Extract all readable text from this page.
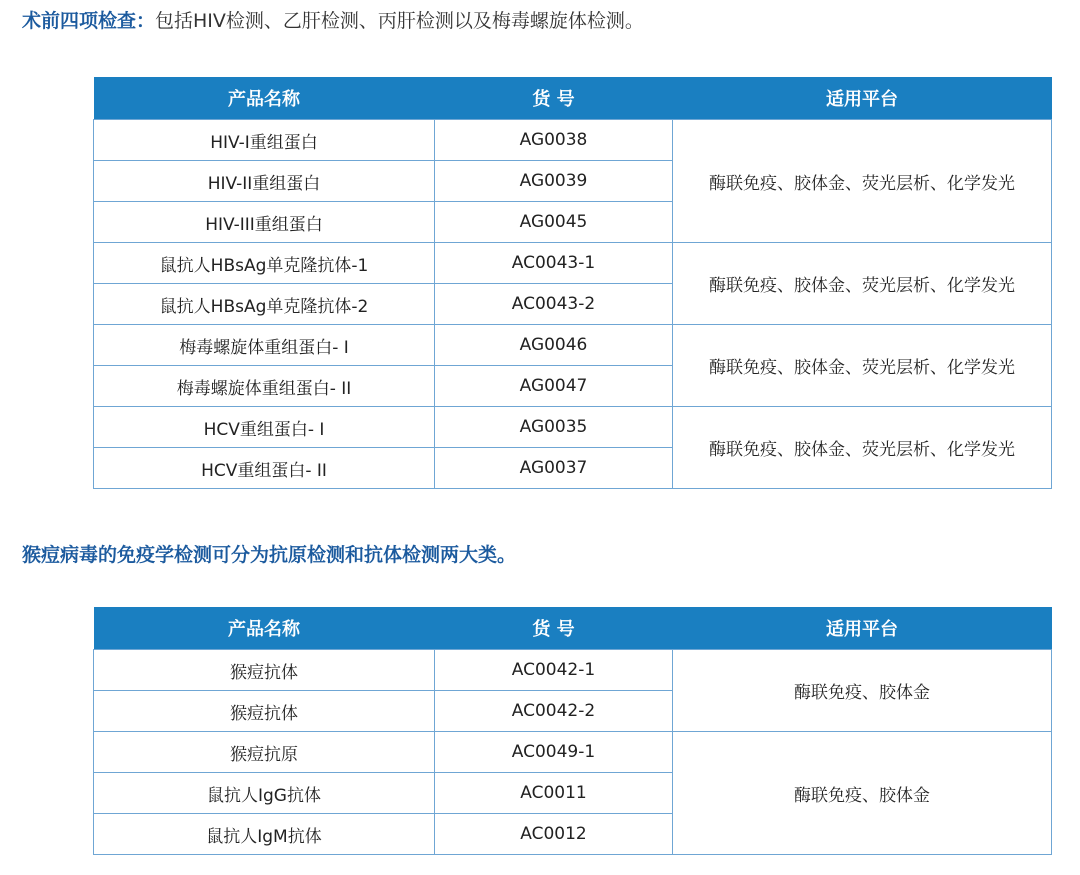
术前四项检查：包括HIV检测、乙肝检测、丙肝检测以及梅毒螺旋体检测。
产品名称	货 号	适用平台
HIV-I重组蛋白	AG0038	酶联免疫、胶体金、荧光层析、化学发光
HIV-II重组蛋白	AG0039	
HIV-III重组蛋白	AG0045	
鼠抗人HBsAg单克隆抗体-1	AC0043-1	酶联免疫、胶体金、荧光层析、化学发光
鼠抗人HBsAg单克隆抗体-2	AC0043-2	
梅毒螺旋体重组蛋白- I	AG0046	酶联免疫、胶体金、荧光层析、化学发光
梅毒螺旋体重组蛋白- II	AG0047	
HCV重组蛋白- I	AG0035	酶联免疫、胶体金、荧光层析、化学发光
HCV重组蛋白- II	AG0037	
猴痘病毒的免疫学检测可分为抗原检测和抗体检测两大类。
产品名称	货 号	适用平台
猴痘抗体	AC0042-1	酶联免疫、胶体金
猴痘抗体	AC0042-2	
猴痘抗原	AC0049-1	酶联免疫、胶体金
鼠抗人IgG抗体	AC0011	
鼠抗人IgM抗体	AC0012	
